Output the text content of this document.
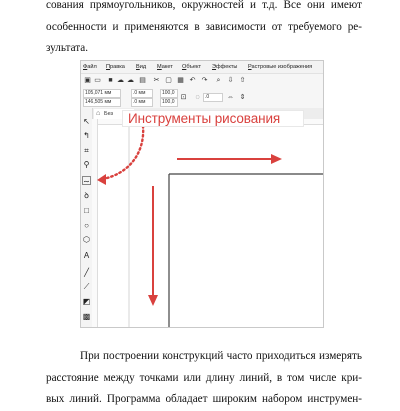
сования прямоугольников, окружностей и т.д. Все они имеют
особенности и применяются в зависимости от требуемого ре-
зультата.

Файл Правка Вид Макет Объект Эффекты Растровые изображения
▣ ▭ ■ ☁ ☁ ▤ ✂ ▢ ▦ ↶ ↷ ⌕ ⇩ ⇧
105,071 мм
146,505 мм
.0 мм
.0 мм
100,0
100,0
⊡ ◌	.0	⇔ ⇕
⌂ Без
↖
↰
⌗
⚲
∼
ꝺ
□
○
⬡
A
╱
⟋
◩
▩
Инструменты рисования

При построении конструкций часто приходиться измерять
расстояние между точками или длину линий, в том числе кри-
вых линий. Программа обладает широким набором инструмен-
